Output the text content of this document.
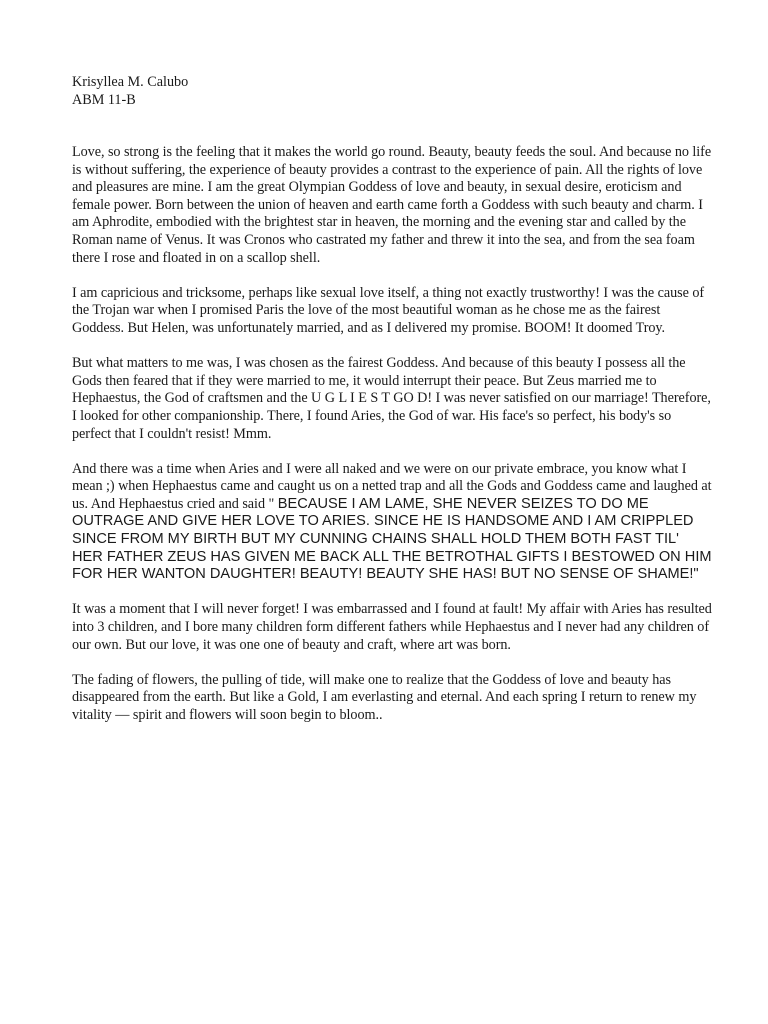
Krisyllea M. Calubo

ABM 11-B

Love, so strong is the feeling that it makes the world go round. Beauty, beauty feeds the soul. And because no life is without suffering, the experience of beauty provides a contrast to the experience of pain. All the rights of love and pleasures are mine. I am the great Olympian Goddess of love and beauty, in sexual desire, eroticism and female power. Born between the union of heaven and earth came forth a Goddess with such beauty and charm. I am Aphrodite, embodied with the brightest star in heaven, the morning and the evening star and called by the Roman name of Venus. It was Cronos who castrated my father and threw it into the sea, and from the sea foam there I rose and floated in on a scallop shell.

I am capricious and tricksome, perhaps like sexual love itself, a thing not exactly trustworthy! I was the cause of the Trojan war when I promised Paris the love of the most beautiful woman as he chose me as the fairest Goddess. But Helen, was unfortunately married, and as I delivered my promise. BOOM! It doomed Troy.

But what matters to me was, I was chosen as the fairest Goddess. And because of this beauty I possess all the Gods then feared that if they were married to me, it would interrupt their peace. But Zeus married me to Hephaestus, the God of craftsmen and the U G L I E S T GO D! I was never satisfied on our marriage! Therefore, I looked for other companionship. There, I found Aries, the God of war. His face's so perfect, his body's so perfect that I couldn't resist! Mmm.

And there was a time when Aries and I were all naked and we were on our private embrace, you know what I mean ;) when Hephaestus came and caught us on a netted trap and all the Gods and Goddess came and laughed at us. And Hephaestus cried and said " BECAUSE I AM LAME, SHE NEVER SEIZES TO DO ME OUTRAGE AND GIVE HER LOVE TO ARIES. SINCE HE IS HANDSOME AND I AM CRIPPLED SINCE FROM MY BIRTH BUT MY CUNNING CHAINS SHALL HOLD THEM BOTH FAST TIL' HER FATHER ZEUS HAS GIVEN ME BACK ALL THE BETROTHAL GIFTS I BESTOWED ON HIM FOR HER WANTON DAUGHTER! BEAUTY! BEAUTY SHE HAS! BUT NO SENSE OF SHAME!"

It was a moment that I will never forget! I was embarrassed and I found at fault! My affair with Aries has resulted into 3 children, and I bore many children form different fathers while Hephaestus and I never had any children of our own. But our love, it was one one of beauty and craft, where art was born.

The fading of flowers, the pulling of tide, will make one to realize that the Goddess of love and beauty has disappeared from the earth. But like a Gold, I am everlasting and eternal. And each spring I return to renew my vitality — spirit and flowers will soon begin to bloom..
